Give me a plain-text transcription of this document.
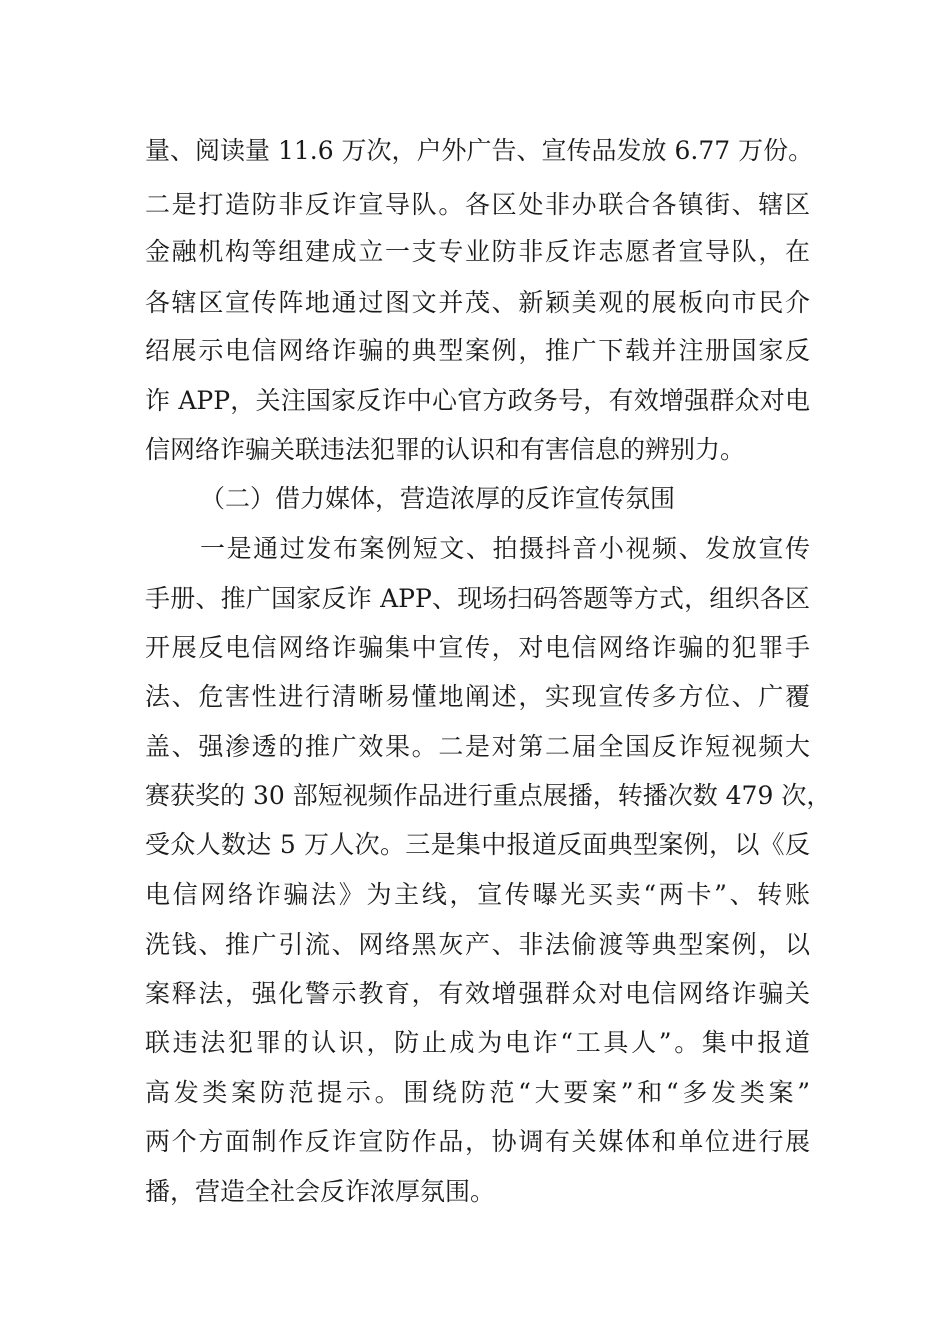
量、阅读量 11.6 万次，户外广告、宣传品发放 6.77 万份。
二是打造防非反诈宣导队。各区处非办联合各镇街、辖区
金融机构等组建成立一支专业防非反诈志愿者宣导队，在
各辖区宣传阵地通过图文并茂、新颖美观的展板向市民介
绍展示电信网络诈骗的典型案例，推广下载并注册国家反
诈 APP，关注国家反诈中心官方政务号，有效增强群众对电
信网络诈骗关联违法犯罪的认识和有害信息的辨别力。
（二）借力媒体，营造浓厚的反诈宣传氛围
一是通过发布案例短文、拍摄抖音小视频、发放宣传
手册、推广国家反诈 APP、现场扫码答题等方式，组织各区
开展反电信网络诈骗集中宣传，对电信网络诈骗的犯罪手
法、危害性进行清晰易懂地阐述，实现宣传多方位、广覆
盖、强渗透的推广效果。二是对第二届全国反诈短视频大
赛获奖的 30 部短视频作品进行重点展播，转播次数 479 次，
受众人数达 5 万人次。三是集中报道反面典型案例，以《反
电信网络诈骗法》为主线，宣传曝光买卖“两卡”、转账
洗钱、推广引流、网络黑灰产、非法偷渡等典型案例，以
案释法，强化警示教育，有效增强群众对电信网络诈骗关
联违法犯罪的认识，防止成为电诈“工具人”。集中报道
高发类案防范提示。围绕防范“大要案”和“多发类案”
两个方面制作反诈宣防作品，协调有关媒体和单位进行展
播，营造全社会反诈浓厚氛围。
